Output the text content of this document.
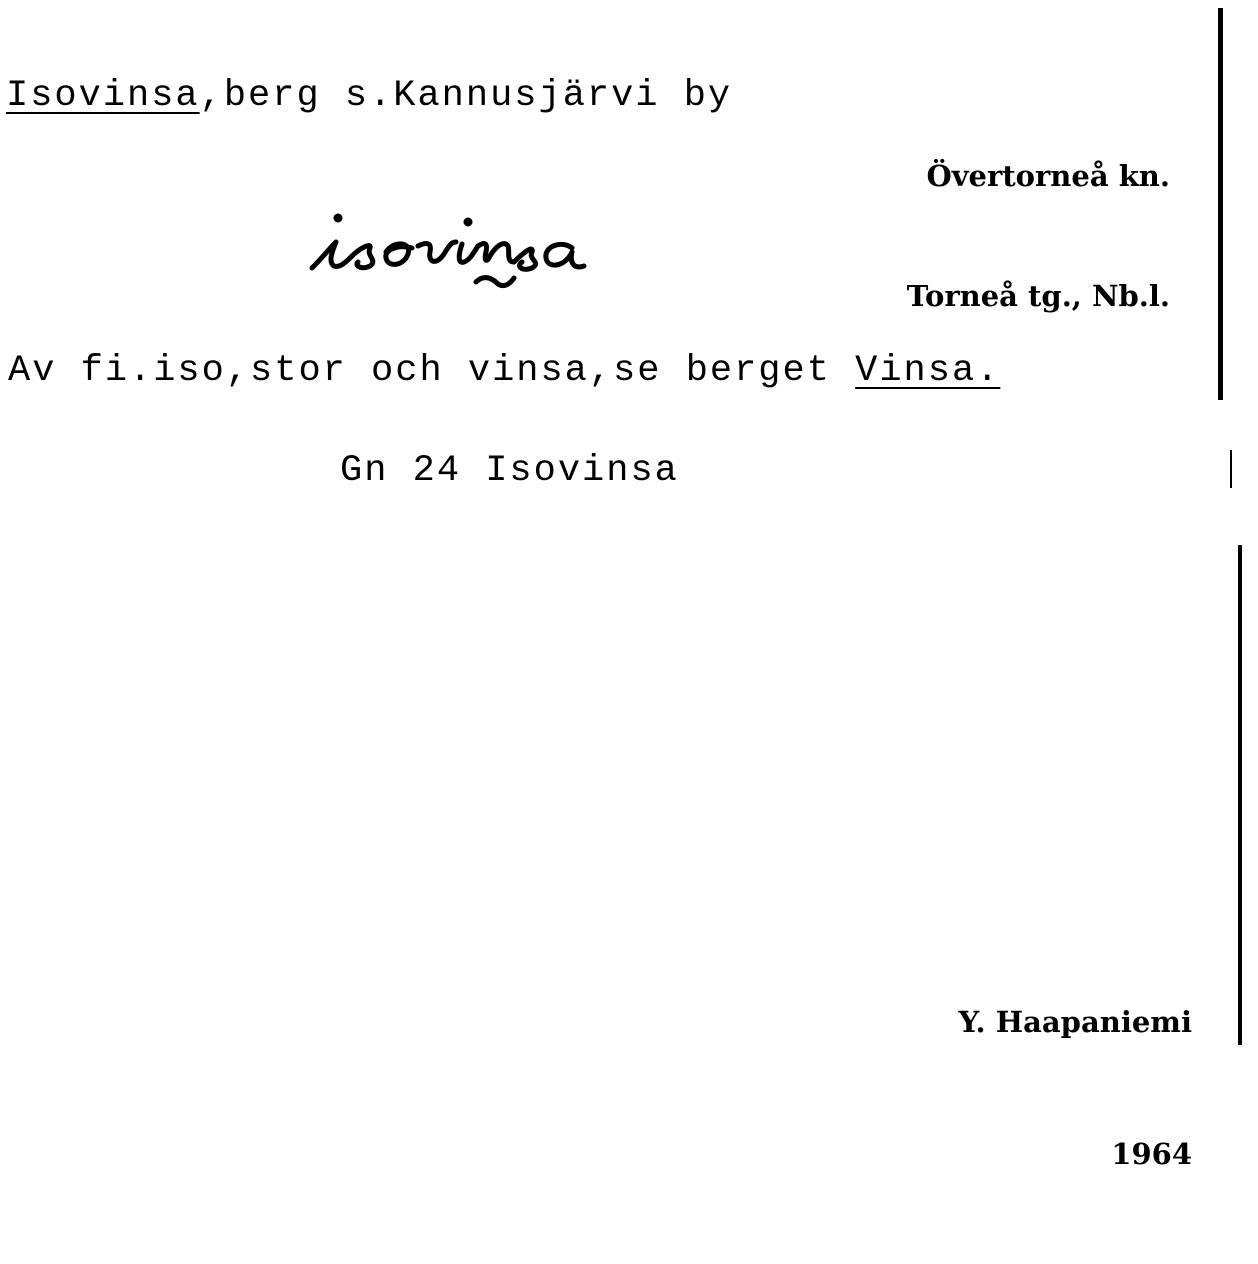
Isovinsa,berg s.Kannusjärvi by

Övertorneå kn.

Torneå tg., Nb.l.

Av fi.iso,stor och vinsa,se berget Vinsa.
Gn 24 Isovinsa

Y. Haapaniemi

1964
